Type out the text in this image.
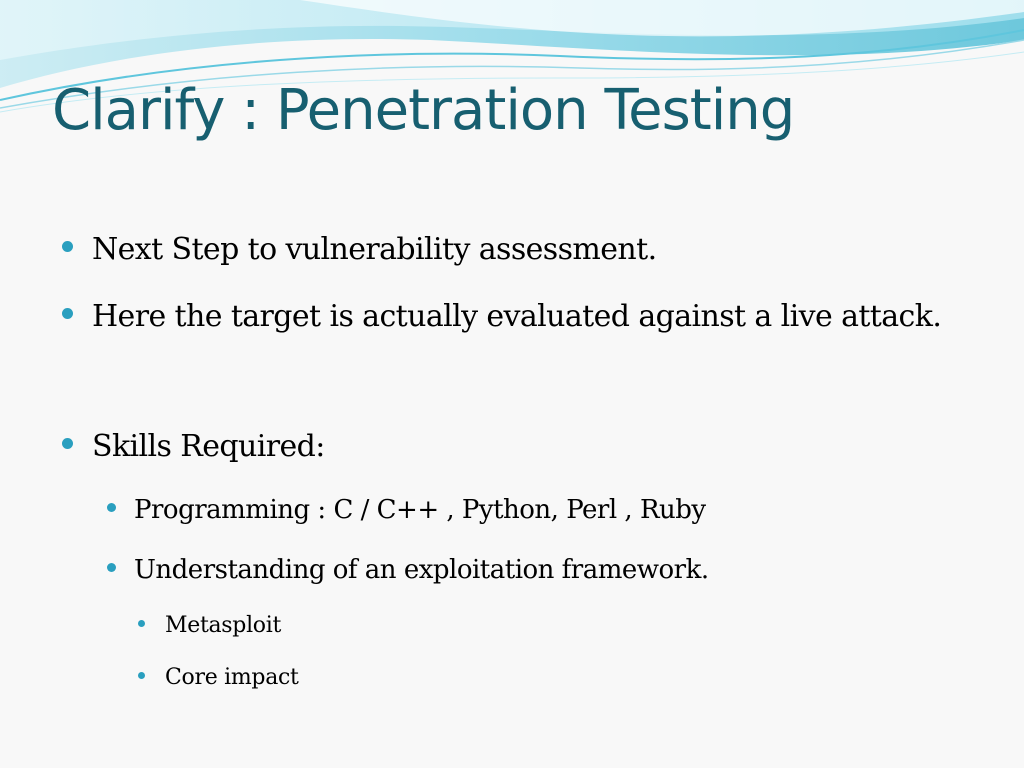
Clarify : Penetration Testing
Next Step to vulnerability assessment.
Here the target is actually evaluated against a live attack.
Skills Required:
Programming : C / C++ , Python, Perl , Ruby
Understanding of an exploitation framework.
Metasploit
Core impact
